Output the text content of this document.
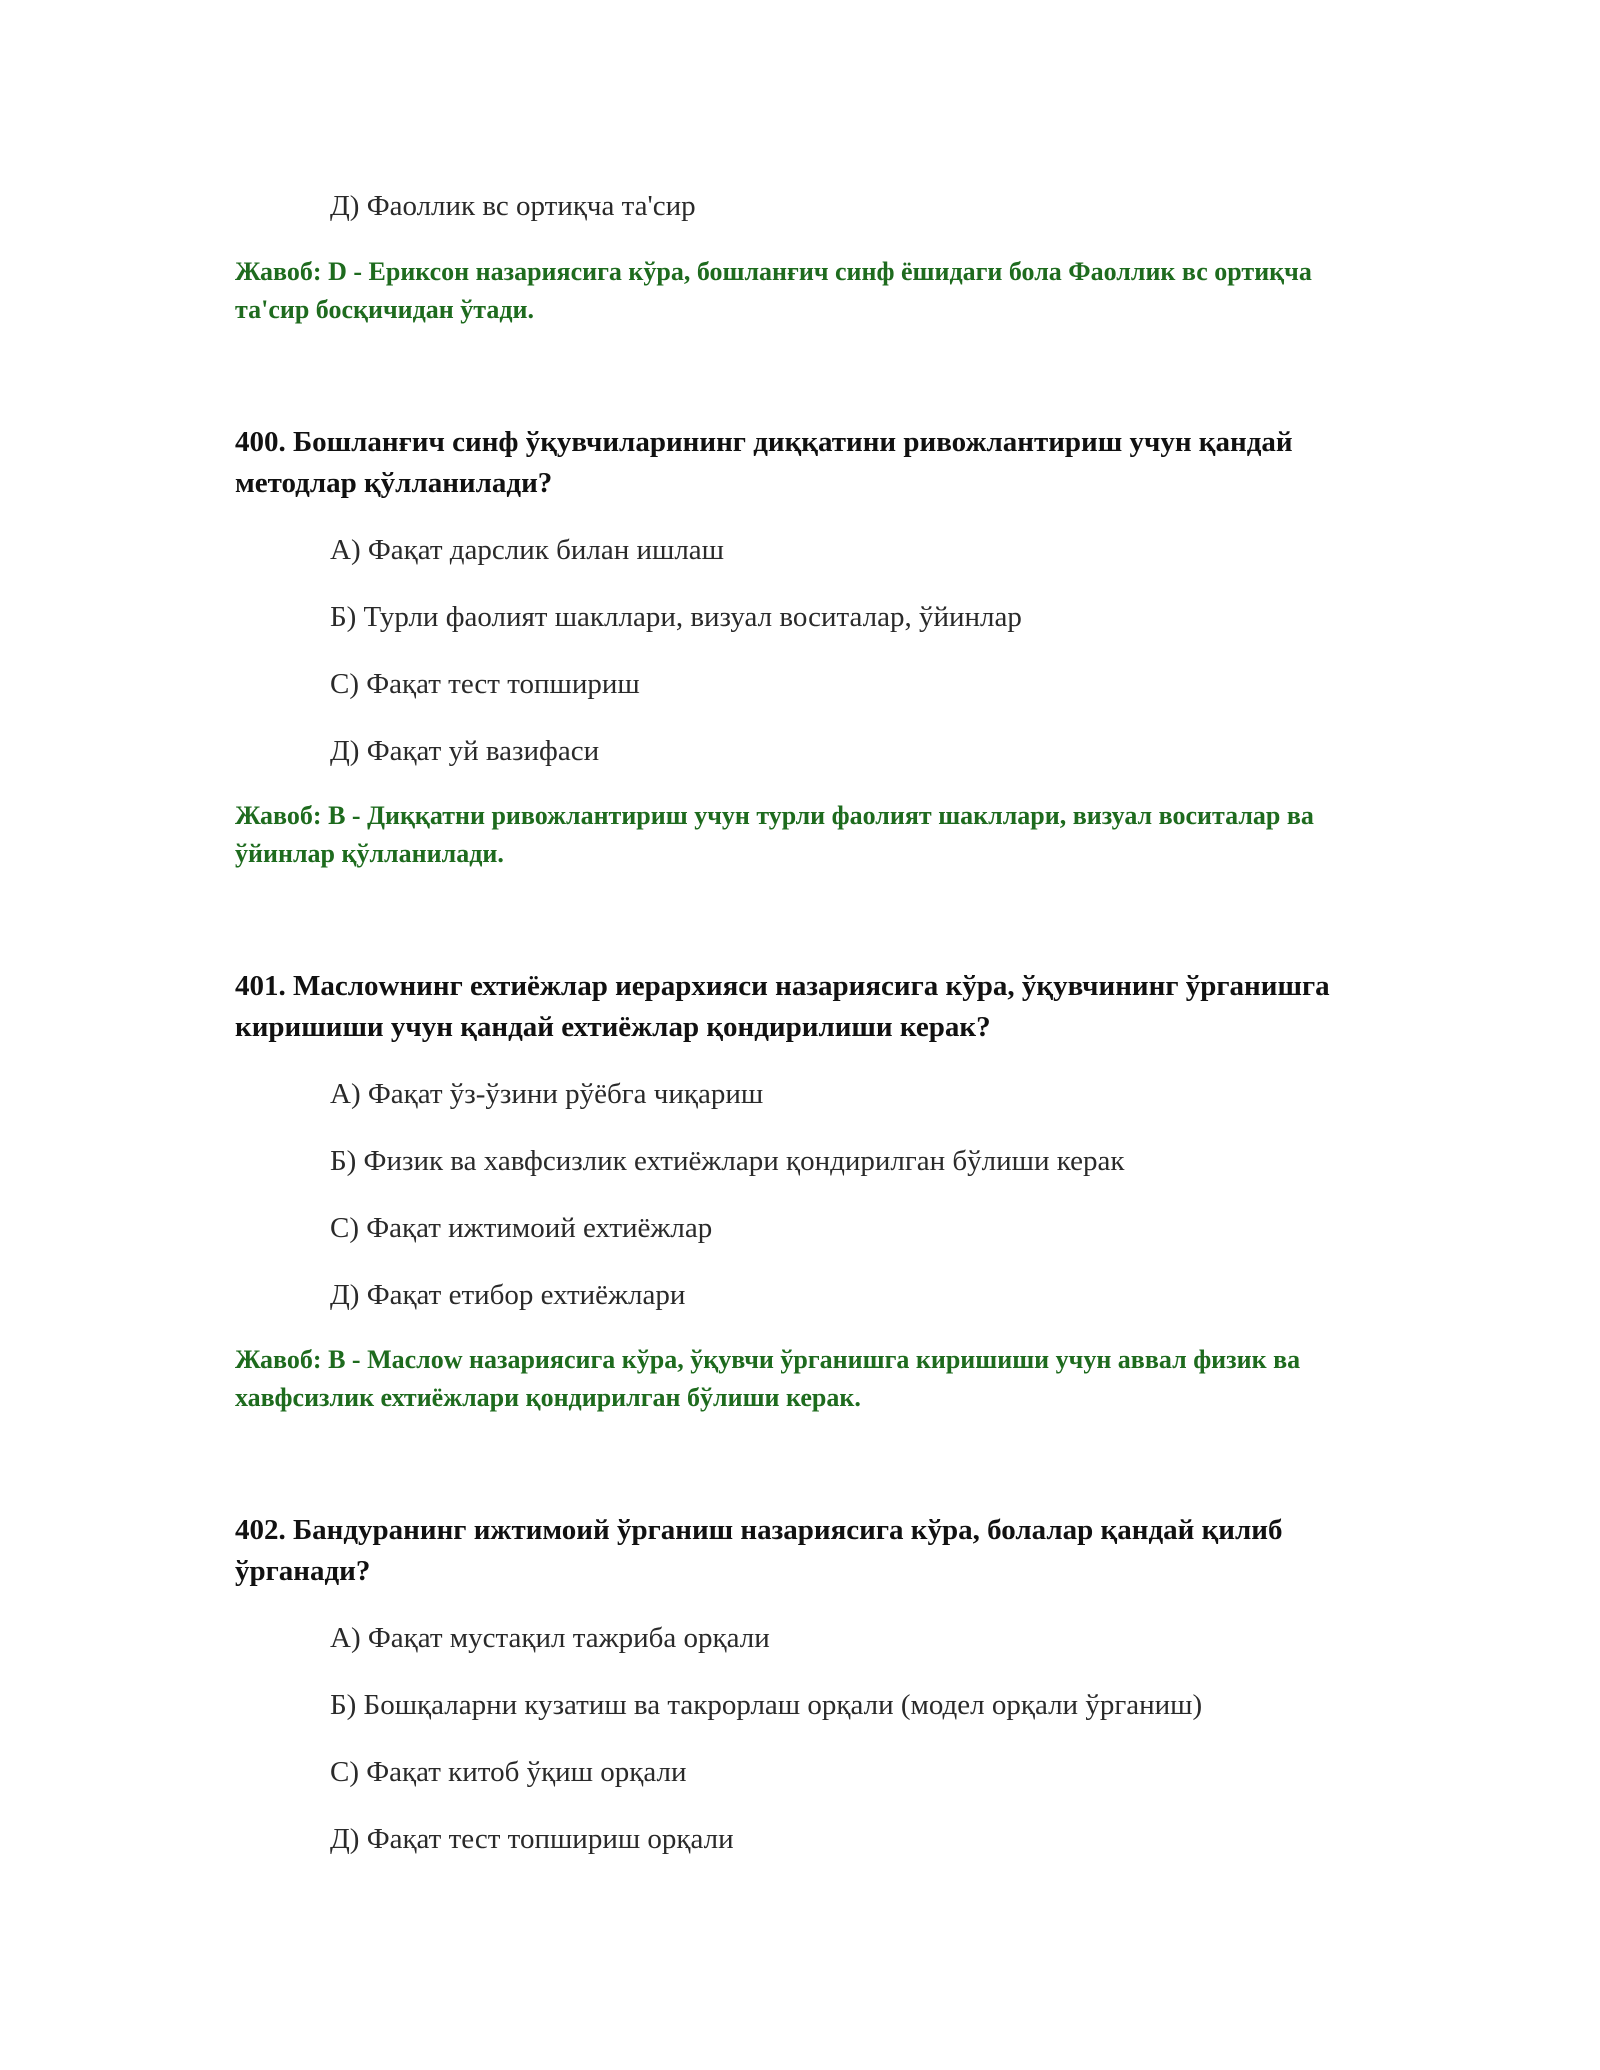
Д) Фаоллик вс ортиқча та'сир
Жавоб: D - Ериксон назариясига кўра, бошланғич синф ёшидаги бола Фаоллик вс ортиқча та'сир босқичидан ўтади.
400. Бошланғич синф ўқувчиларининг диққатини ривожлантириш учун қандай методлар қўлланилади?
А) Фақат дарслик билан ишлаш
Б) Турли фаолият шакллари, визуал воситалар, ўйинлар
С) Фақат тест топшириш
Д) Фақат уй вазифаси
Жавоб: B - Диққатни ривожлантириш учун турли фаолият шакллари, визуал воситалар ва ўйинлар қўлланилади.
401. Маслоwнинг ехтиёжлар иерархияси назариясига кўра, ўқувчининг ўрганишга киришиши учун қандай ехтиёжлар қондирилиши керак?
А) Фақат ўз-ўзини рўёбга чиқариш
Б) Физик ва хавфсизлик ехтиёжлари қондирилган бўлиши керак
С) Фақат ижтимоий ехтиёжлар
Д) Фақат етибор ехтиёжлари
Жавоб: B - Маслоw назариясига кўра, ўқувчи ўрганишга киришиши учун аввал физик ва хавфсизлик ехтиёжлари қондирилган бўлиши керак.
402. Бандуранинг ижтимоий ўрганиш назариясига кўра, болалар қандай қилиб ўрганади?
А) Фақат мустақил тажриба орқали
Б) Бошқаларни кузатиш ва такрорлаш орқали (модел орқали ўрганиш)
С) Фақат китоб ўқиш орқали
Д) Фақат тест топшириш орқали
